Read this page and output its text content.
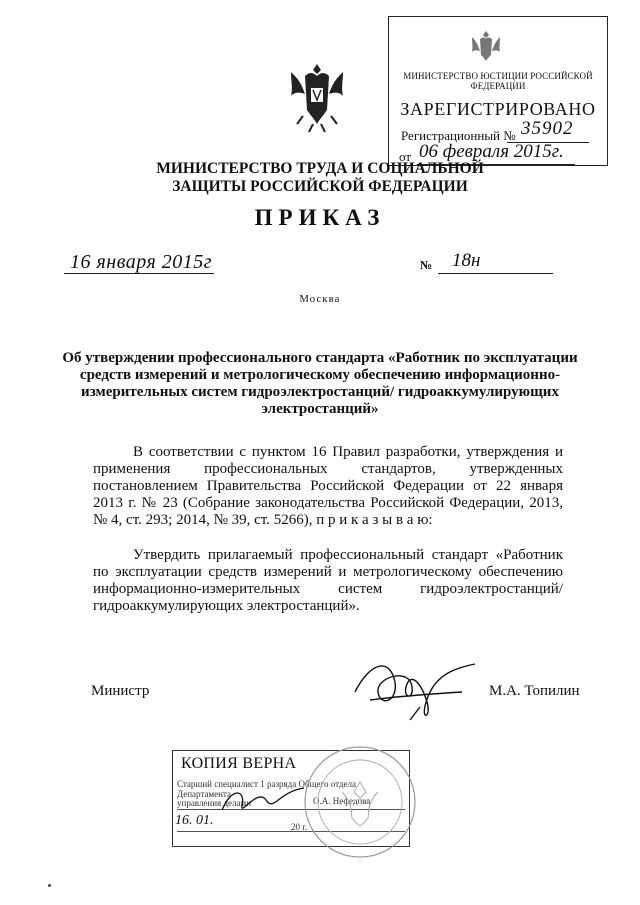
МИНИСТЕРСТВО ЮСТИЦИИ РОССИЙСКОЙ ФЕДЕРАЦИИ
ЗАРЕГИСТРИРОВАНО
Регистрационный № 35902
от 06 февраля 2015г.
МИНИСТЕРСТВО ТРУДА И СОЦИАЛЬНОЙ ЗАЩИТЫ РОССИЙСКОЙ ФЕДЕРАЦИИ
ПРИКАЗ
16 января 2015г	№ 18н
Москва
Об утверждении профессионального стандарта «Работник по эксплуатации средств измерений и метрологическому обеспечению информационно-измерительных систем гидроэлектростанций/ гидроаккумулирующих электростанций»
В соответствии с пунктом 16 Правил разработки, утверждения и применения профессиональных стандартов, утвержденных постановлением Правительства Российской Федерации от 22 января 2013 г. № 23 (Собрание законодательства Российской Федерации, 2013, № 4, ст. 293; 2014, № 39, ст. 5266), п р и к а з ы в а ю:
Утвердить прилагаемый профессиональный стандарт «Работник по эксплуатации средств измерений и метрологическому обеспечению информационно-измерительных систем гидроэлектростанций/ гидроаккумулирующих электростанций».
Министр	М.А. Топилин
КОПИЯ ВЕРНА
Старший специалист 1 разряда Общего отдела Департамента
управления делами	О.А. Нефедова
16. 01.	20 г.
